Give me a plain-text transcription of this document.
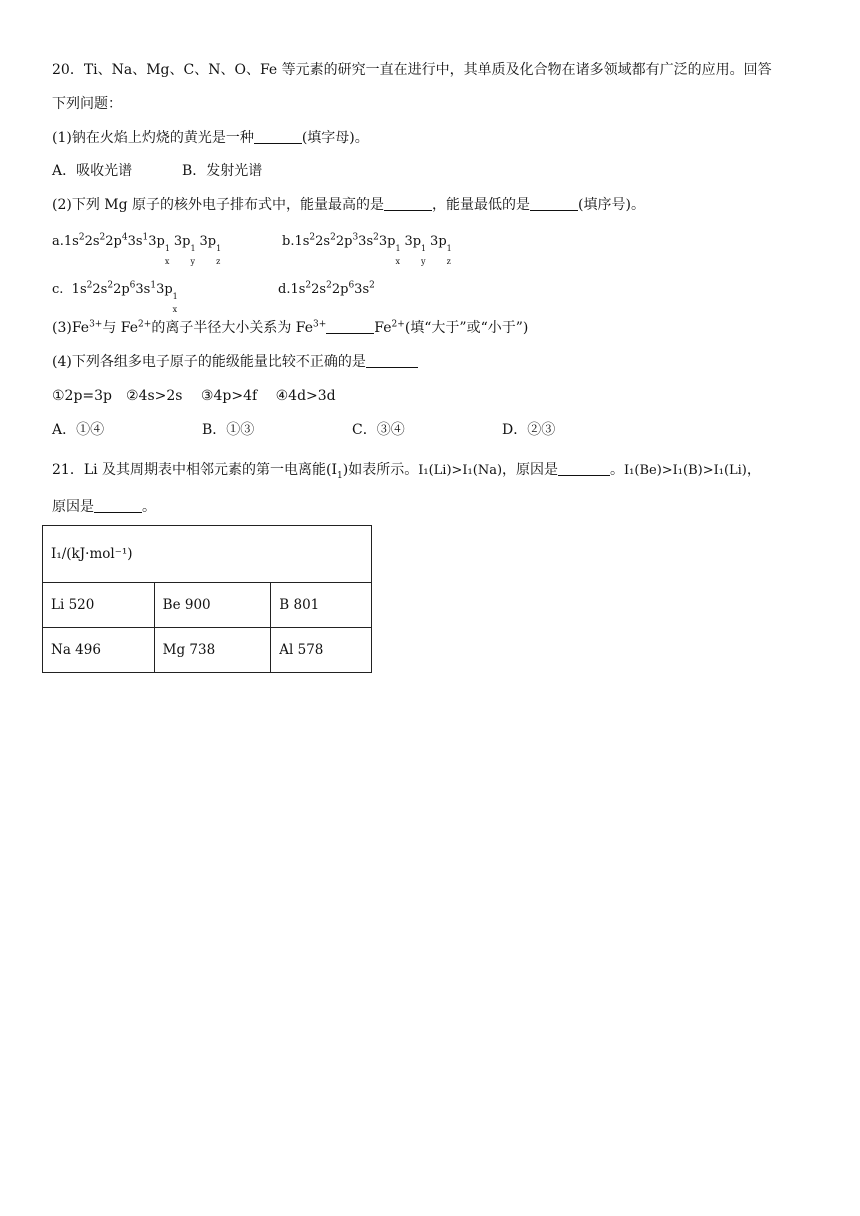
20．Ti、Na、Mg、C、N、O、Fe 等元素的研究一直在进行中，其单质及化合物在诸多领域都有广泛的应用。回答
下列问题：
(1)钠在火焰上灼烧的黄光是一种	(填字母)。
A．吸收光谱	B．发射光谱
(2)下列 Mg 原子的核外电子排布式中，能量最高的是	，能量最低的是	(填序号)。
$a.1s^22s^22p^43s^13p$ 1
x
3p 1
y
3p 1
z
$b.1s^22s^22p^33s^23p$ 1
x
3p 1
y
3p 1
z
c.  $1s^22s^22p^63s^13p$ 1
x
$d.1s^22s^22p^63s^2$
$(3)Fe^{3+}$与 $Fe^{2+}$的离子半径大小关系为 $Fe^{3+}$	$Fe^{2+}$(填“大于”或“小于”)
(4)下列各组多电子原子的能级能量比较不正确的是
①2p=3p　②4s>2s　 ③4p>4f　 ④4d>3d
A．①④	B．①③	C．③④	D．②③
21．Li 及其周期表中相邻元素的第一电离能$(I_1)$如表所示。I₁(Li)>I₁(Na)，原因是	。I₁(Be)>I₁(B)>I₁(Li)，
原因是	。
I₁/(kJ·mol⁻¹)		
Li 520	Be 900	B 801
Na 496	Mg 738	Al 578
